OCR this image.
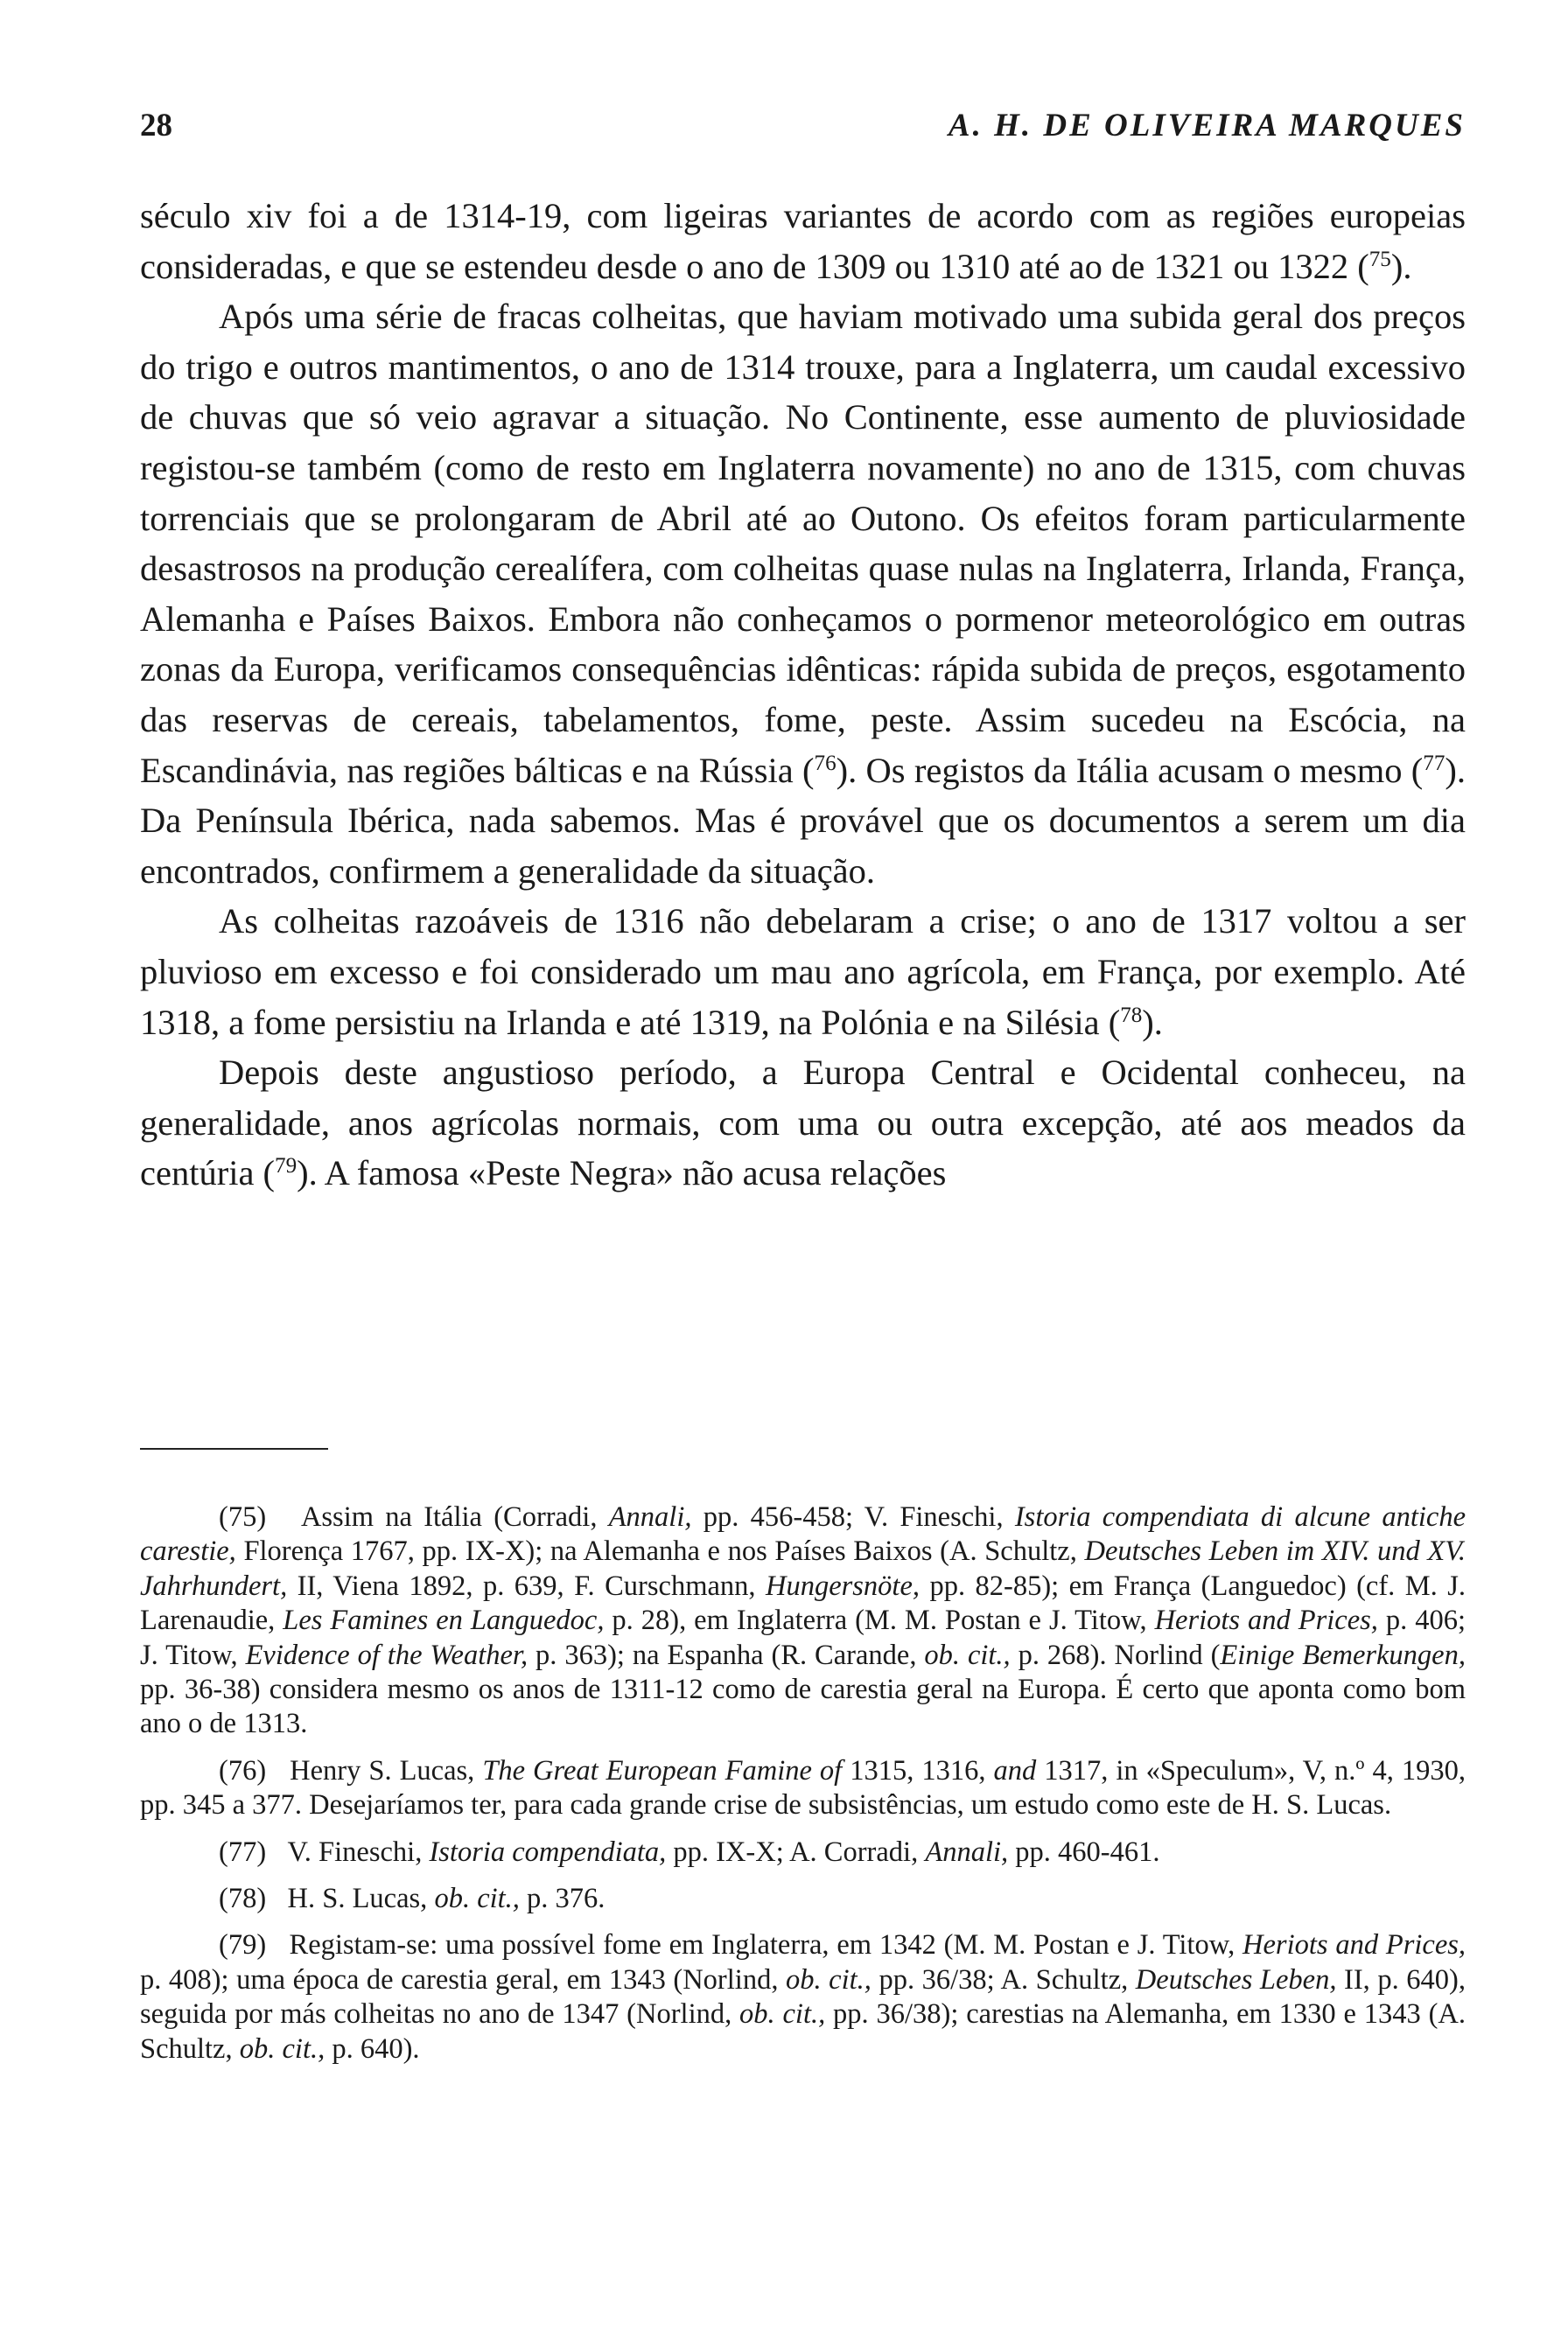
28	A. H. DE OLIVEIRA MARQUES

século xiv foi a de 1314-19, com ligeiras variantes de acordo com as regiões europeias consideradas, e que se estendeu desde o ano de 1309 ou 1310 até ao de 1321 ou 1322 ($^{75}$).

Após uma série de fracas colheitas, que haviam motivado uma subida geral dos preços do trigo e outros mantimentos, o ano de 1314 trouxe, para a Inglaterra, um caudal excessivo de chuvas que só veio agravar a situação. No Continente, esse aumento de pluviosidade registou-se também (como de resto em Inglaterra novamente) no ano de 1315, com chuvas torrenciais que se prolongaram de Abril até ao Outono. Os efeitos foram particularmente desastrosos na produção cerealífera, com colheitas quase nulas na Inglaterra, Irlanda, França, Alemanha e Países Baixos. Embora não conheçamos o pormenor meteorológico em outras zonas da Europa, verificamos consequências idênticas: rápida subida de preços, esgotamento das reservas de cereais, tabelamentos, fome, peste. Assim sucedeu na Escócia, na Escandinávia, nas regiões bálticas e na Rússia ($^{76}$). Os registos da Itália acusam o mesmo ($^{77}$). Da Península Ibérica, nada sabemos. Mas é provável que os documentos a serem um dia encontrados, confirmem a generalidade da situação.

As colheitas razoáveis de 1316 não debelaram a crise; o ano de 1317 voltou a ser pluvioso em excesso e foi considerado um mau ano agrícola, em França, por exemplo. Até 1318, a fome persistiu na Irlanda e até 1319, na Polónia e na Silésia ($^{78}$).

Depois deste angustioso período, a Europa Central e Ocidental conheceu, na generalidade, anos agrícolas normais, com uma ou outra excepção, até aos meados da centúria ($^{79}$). A famosa «Peste Negra» não acusa relações

(75) Assim na Itália (Corradi, Annali, pp. 456-458; V. Fineschi, Istoria compendiata di alcune antiche carestie, Florença 1767, pp. IX-X); na Alemanha e nos Países Baixos (A. Schultz, Deutsches Leben im XIV. und XV. Jahrhundert, II, Viena 1892, p. 639, F. Curschmann, Hungersnöte, pp. 82-85); em França (Languedoc) (cf. M. J. Larenaudie, Les Famines en Languedoc, p. 28), em Inglaterra (M. M. Postan e J. Titow, Heriots and Prices, p. 406; J. Titow, Evidence of the Weather, p. 363); na Espanha (R. Carande, ob. cit., p. 268). Norlind (Einige Bemerkungen, pp. 36-38) considera mesmo os anos de 1311-12 como de carestia geral na Europa. É certo que aponta como bom ano o de 1313.

(76) Henry S. Lucas, The Great European Famine of 1315, 1316, and 1317, in «Speculum», V, n.º 4, 1930, pp. 345 a 377. Desejaríamos ter, para cada grande crise de subsistências, um estudo como este de H. S. Lucas.

(77) V. Fineschi, Istoria compendiata, pp. IX-X; A. Corradi, Annali, pp. 460-461.

(78) H. S. Lucas, ob. cit., p. 376.

(79) Registam-se: uma possível fome em Inglaterra, em 1342 (M. M. Postan e J. Titow, Heriots and Prices, p. 408); uma época de carestia geral, em 1343 (Norlind, ob. cit., pp. 36/38; A. Schultz, Deutsches Leben, II, p. 640), seguida por más colheitas no ano de 1347 (Norlind, ob. cit., pp. 36/38); carestias na Alemanha, em 1330 e 1343 (A. Schultz, ob. cit., p. 640).
